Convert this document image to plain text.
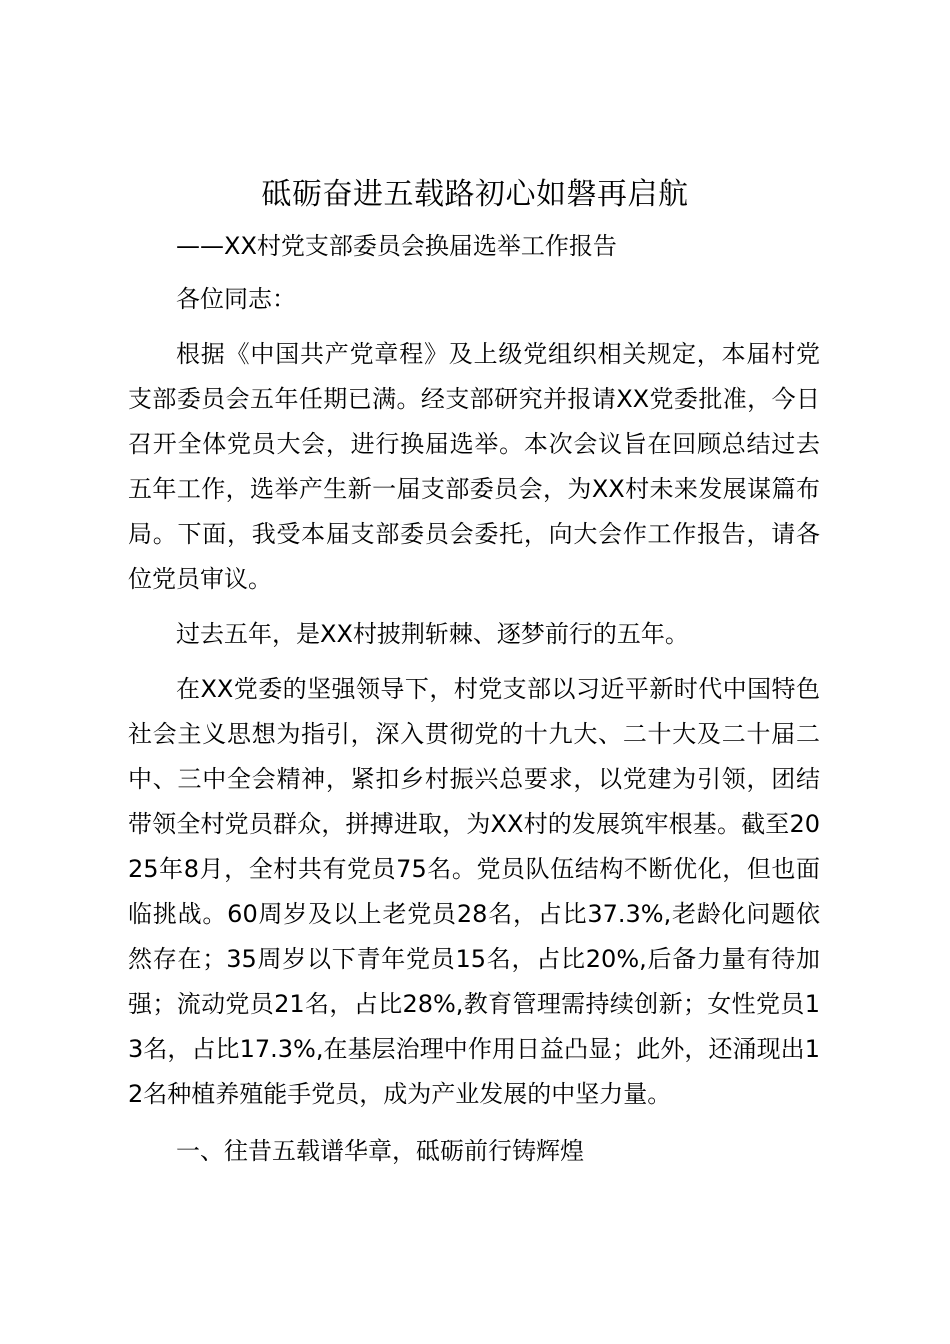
砥砺奋进五载路初心如磐再启航

——XX村党支部委员会换届选举工作报告

各位同志：

根据《中国共产党章程》及上级党组织相关规定，本届村党支部委员会五年任期已满。经支部研究并报请XX党委批准，今日召开全体党员大会，进行换届选举。本次会议旨在回顾总结过去五年工作，选举产生新一届支部委员会，为XX村未来发展谋篇布局。下面，我受本届支部委员会委托，向大会作工作报告，请各位党员审议。

过去五年，是XX村披荆斩棘、逐梦前行的五年。

在XX党委的坚强领导下，村党支部以习近平新时代中国特色社会主义思想为指引，深入贯彻党的十九大、二十大及二十届二中、三中全会精神，紧扣乡村振兴总要求，以党建为引领，团结带领全村党员群众，拼搏进取，为XX村的发展筑牢根基。截至2025年8月，全村共有党员75名。党员队伍结构不断优化，但也面临挑战。60周岁及以上老党员28名，占比37.3%,老龄化问题依然存在；35周岁以下青年党员15名，占比20%,后备力量有待加强；流动党员21名，占比28%,教育管理需持续创新；女性党员13名，占比17.3%,在基层治理中作用日益凸显；此外，还涌现出12名种植养殖能手党员，成为产业发展的中坚力量。

一、往昔五载谱华章，砥砺前行铸辉煌
